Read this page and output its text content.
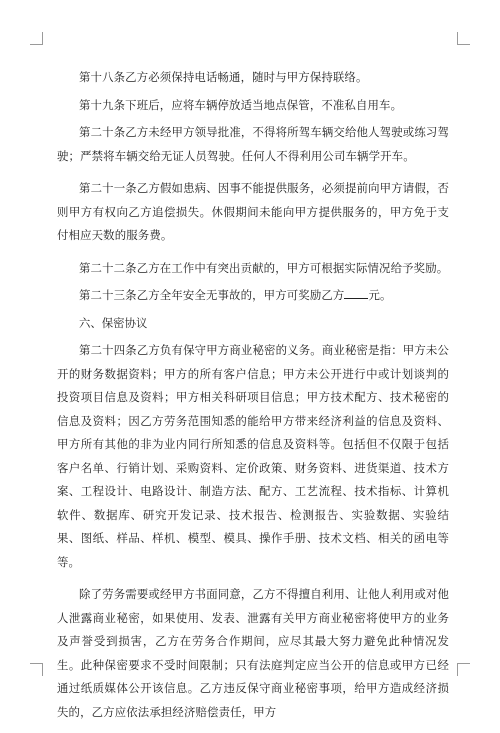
第十八条乙方必须保持电话畅通，随时与甲方保持联络。

第十九条下班后，应将车辆停放适当地点保管，不准私自用车。

第二十条乙方未经甲方领导批准，不得将所驾车辆交给他人驾驶或练习驾驶；严禁将车辆交给无证人员驾驶。任何人不得利用公司车辆学开车。

第二十一条乙方假如患病、因事不能提供服务，必须提前向甲方请假，否则甲方有权向乙方追偿损失。休假期间未能向甲方提供服务的，甲方免于支付相应天数的服务费。

第二十二条乙方在工作中有突出贡献的，甲方可根据实际情况给予奖励。

第二十三条乙方全年安全无事故的，甲方可奖励乙方 元。

六、保密协议

第二十四条乙方负有保守甲方商业秘密的义务。商业秘密是指：甲方未公开的财务数据资料；甲方的所有客户信息；甲方未公开进行中或计划谈判的投资项目信息及资料；甲方相关科研项目信息；甲方技术配方、技术秘密的信息及资料；因乙方劳务范围知悉的能给甲方带来经济利益的信息及资料、甲方所有其他的非为业内同行所知悉的信息及资料等。包括但不仅限于包括客户名单、行销计划、采购资料、定价政策、财务资料、进货渠道、技术方案、工程设计、电路设计、制造方法、配方、工艺流程、技术指标、计算机软件、数据库、研究开发记录、技术报告、检测报告、实验数据、实验结果、图纸、样品、样机、模型、模具、操作手册、技术文档、相关的函电等等。

除了劳务需要或经甲方书面同意，乙方不得擅自利用、让他人利用或对他人泄露商业秘密，如果使用、发表、泄露有关甲方商业秘密将使甲方的业务及声誉受到损害，乙方在劳务合作期间，应尽其最大努力避免此种情况发生。此种保密要求不受时间限制；只有法庭判定应当公开的信息或甲方已经通过纸质媒体公开该信息。乙方违反保守商业秘密事项，给甲方造成经济损失的，乙方应依法承担经济赔偿责任，甲方
